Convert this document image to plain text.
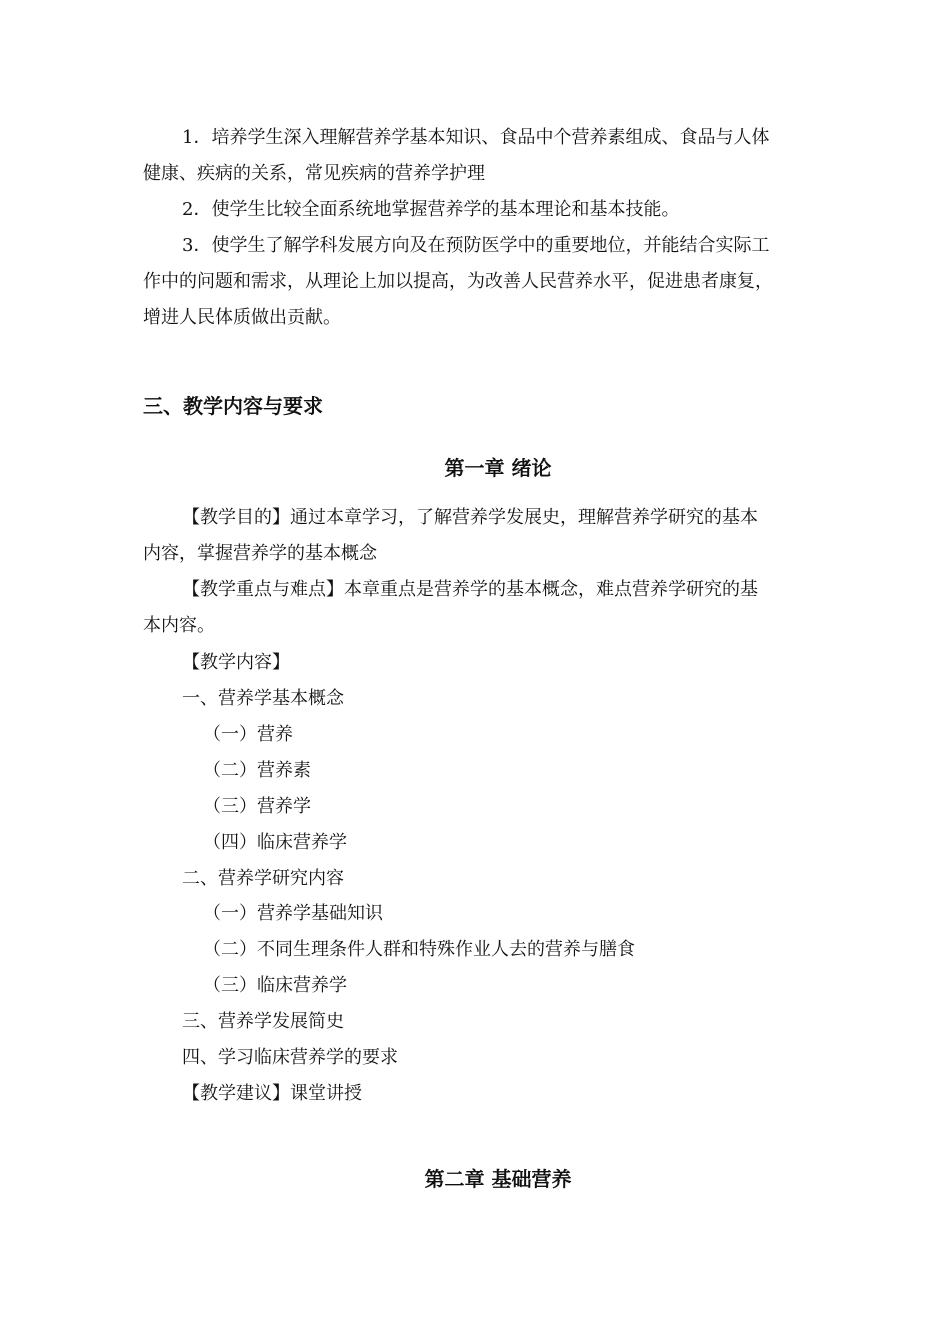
1．培养学生深入理解营养学基本知识、食品中个营养素组成、食品与人体
健康、疾病的关系，常见疾病的营养学护理
2．使学生比较全面系统地掌握营养学的基本理论和基本技能。
3．使学生了解学科发展方向及在预防医学中的重要地位，并能结合实际工
作中的问题和需求，从理论上加以提高，为改善人民营养水平，促进患者康复，
增进人民体质做出贡献。
三、教学内容与要求
第一章 绪论
【教学目的】通过本章学习，了解营养学发展史，理解营养学研究的基本
内容，掌握营养学的基本概念
【教学重点与难点】本章重点是营养学的基本概念，难点营养学研究的基
本内容。
【教学内容】
一、营养学基本概念
（一）营养
（二）营养素
（三）营养学
（四）临床营养学
二、营养学研究内容
（一）营养学基础知识
（二）不同生理条件人群和特殊作业人去的营养与膳食
（三）临床营养学
三、营养学发展简史
四、学习临床营养学的要求
【教学建议】课堂讲授
第二章 基础营养
